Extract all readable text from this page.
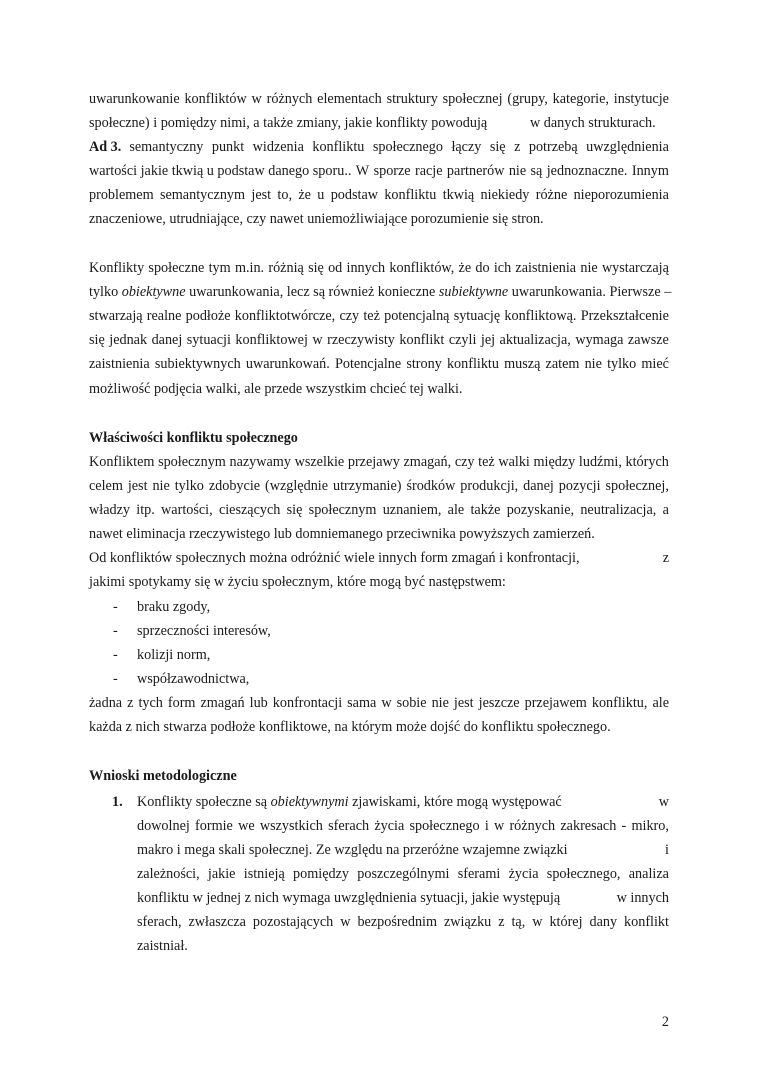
uwarunkowanie konfliktów w różnych elementach struktury społecznej (grupy, kategorie, instytucje
społeczne) i pomiędzy nimi, a także zmiany, jakie konflikty powodują	w danych strukturach.
Ad 3. semantyczny punkt widzenia konfliktu społecznego łączy się z potrzebą uwzględnienia
wartości jakie tkwią u podstaw danego sporu.. W sporze racje partnerów nie są jednoznaczne. Innym
problemem semantycznym jest to, że u podstaw konfliktu tkwią niekiedy różne nieporozumienia
znaczeniowe, utrudniające, czy nawet uniemożliwiające porozumienie się stron.
Konflikty społeczne tym m.in. różnią się od innych konfliktów, że do ich zaistnienia nie wystarczają
tylko obiektywne uwarunkowania, lecz są również konieczne subiektywne uwarunkowania. Pierwsze –
stwarzają realne podłoże konfliktotwórcze, czy też potencjalną sytuację konfliktową. Przekształcenie
się jednak danej sytuacji konfliktowej w rzeczywisty konflikt czyli jej aktualizacja, wymaga zawsze
zaistnienia subiektywnych uwarunkowań. Potencjalne strony konfliktu muszą zatem nie tylko mieć
możliwość podjęcia walki, ale przede wszystkim chcieć tej walki.
Właściwości konfliktu społecznego
Konfliktem społecznym nazywamy wszelkie przejawy zmagań, czy też walki między ludźmi, których
celem jest nie tylko zdobycie (względnie utrzymanie) środków produkcji, danej pozycji społecznej,
władzy itp. wartości, cieszących się społecznym uznaniem, ale także pozyskanie, neutralizacja, a
nawet eliminacja rzeczywistego lub domniemanego przeciwnika powyższych zamierzeń.
Od konfliktów społecznych można odróżnić wiele innych form zmagań i konfrontacji,	z
jakimi spotykamy się w życiu społecznym, które mogą być następstwem:
-	braku zgody,
-	sprzeczności interesów,
-	kolizji norm,
-	współzawodnictwa,
żadna z tych form zmagań lub konfrontacji sama w sobie nie jest jeszcze przejawem konfliktu, ale
każda z nich stwarza podłoże konfliktowe, na którym może dojść do konfliktu społecznego.
Wnioski metodologiczne
1. Konflikty społeczne są obiektywnymi zjawiskami, które mogą występować	w
dowolnej formie we wszystkich sferach życia społecznego i w różnych zakresach - mikro,
makro i mega skali społecznej. Ze względu na przeróżne wzajemne związki	i
zależności, jakie istnieją pomiędzy poszczególnymi sferami życia społecznego, analiza
konfliktu w jednej z nich wymaga uwzględnienia sytuacji, jakie występują	w innych
sferach, zwłaszcza pozostających w bezpośrednim związku z tą, w której dany konflikt
zaistniał.
2
